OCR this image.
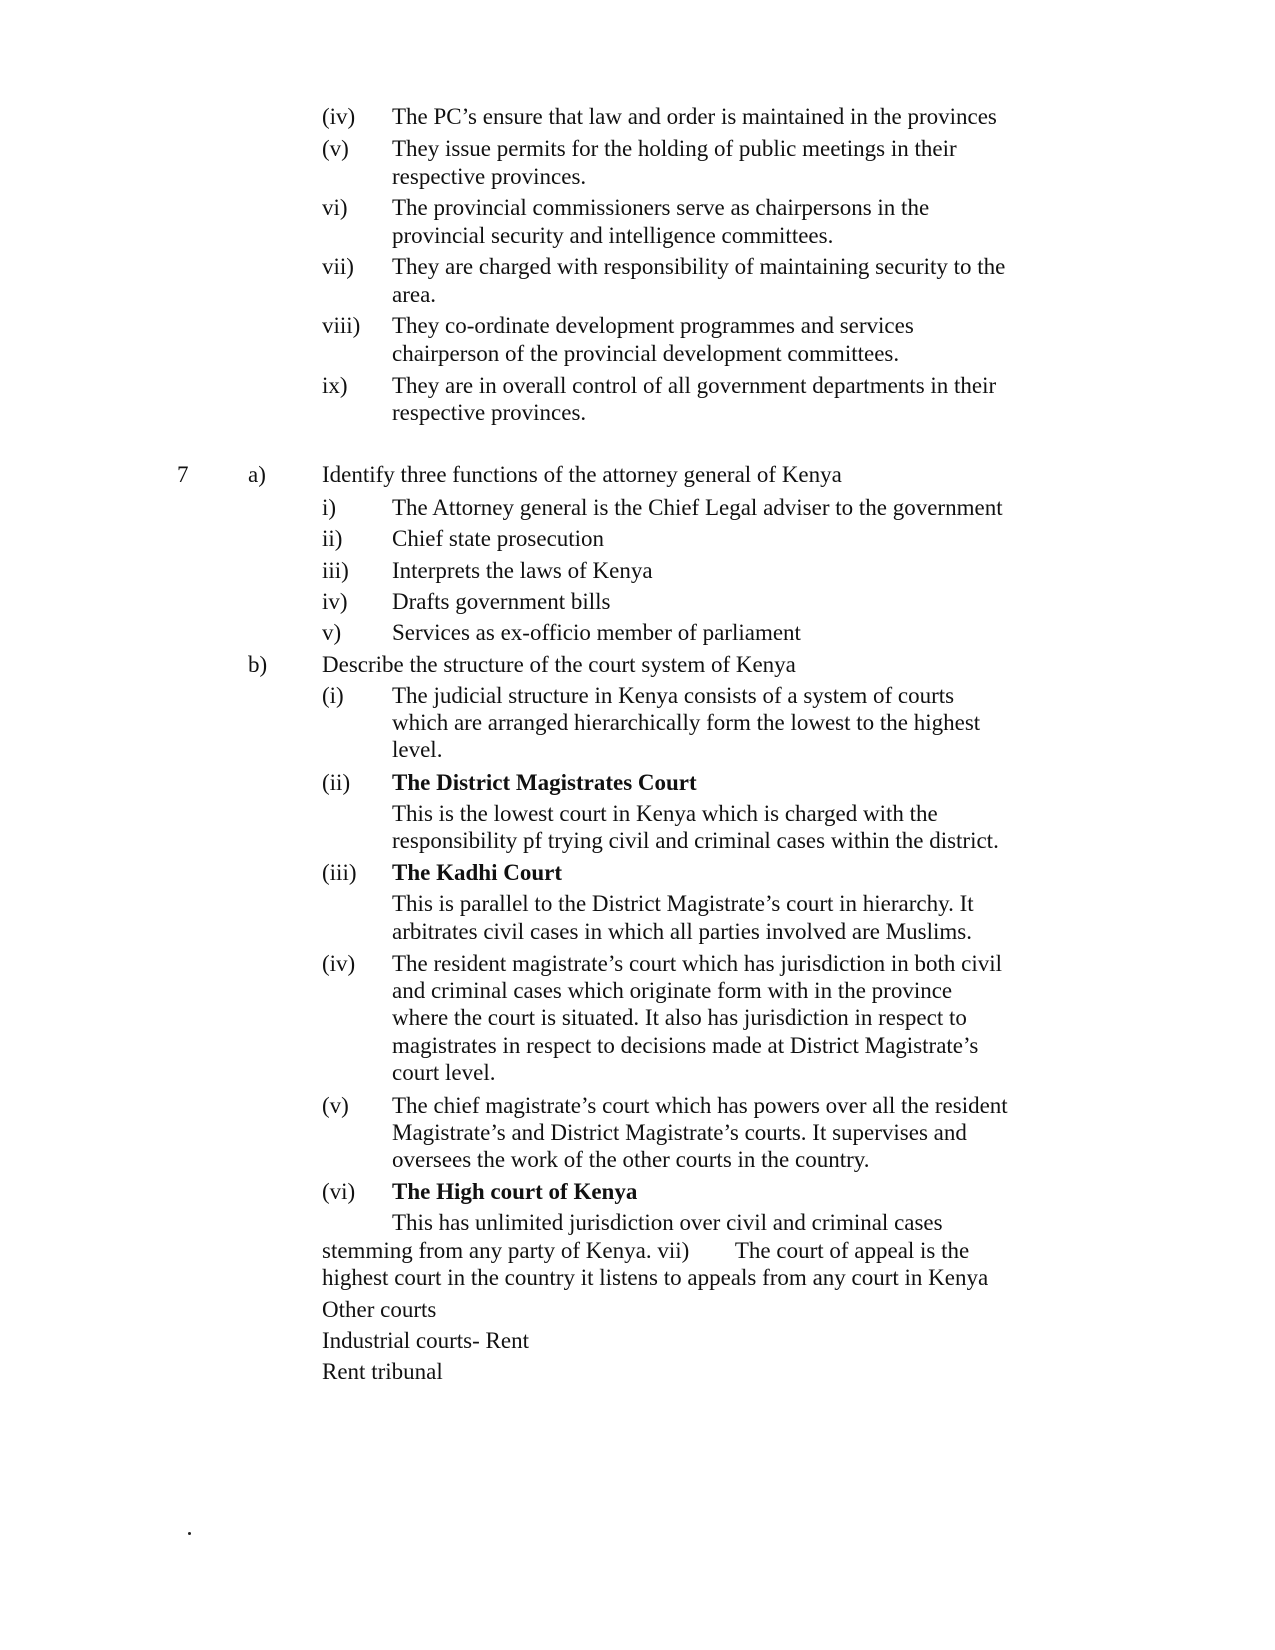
(iv) The PC’s ensure that law and order is maintained in the provinces
(v) They issue permits for the holding of public meetings in their
respective provinces.
vi) The provincial commissioners serve as chairpersons in the
provincial security and intelligence committees.
vii) They are charged with responsibility of maintaining security to the
area.
viii) They co-ordinate development programmes and services
chairperson of the provincial development committees.
ix) They are in overall control of all government departments in their
respective provinces.
7	a) Identify three functions of the attorney general of Kenya
i) The Attorney general is the Chief Legal adviser to the government
ii) Chief state prosecution
iii) Interprets the laws of Kenya
iv) Drafts government bills
v) Services as ex-officio member of parliament
b) Describe the structure of the court system of Kenya
(i) The judicial structure in Kenya consists of a system of courts
which are arranged hierarchically form the lowest to the highest
level.
(ii) The District Magistrates Court
This is the lowest court in Kenya which is charged with the
responsibility pf trying civil and criminal cases within the district.
(iii) The Kadhi Court
This is parallel to the District Magistrate’s court in hierarchy. It
arbitrates civil cases in which all parties involved are Muslims.
(iv) The resident magistrate’s court which has jurisdiction in both civil
and criminal cases which originate form with in the province
where the court is situated. It also has jurisdiction in respect to
magistrates in respect to decisions made at District Magistrate’s
court level.
(v) The chief magistrate’s court which has powers over all the resident
Magistrate’s and District Magistrate’s courts. It supervises and
oversees the work of the other courts in the country.
(vi) The High court of Kenya
This has unlimited jurisdiction over civil and criminal cases
stemming from any party of Kenya. vii)        The court of appeal is the
highest court in the country it listens to appeals from any court in Kenya
Other courts
Industrial courts- Rent
Rent tribunal
